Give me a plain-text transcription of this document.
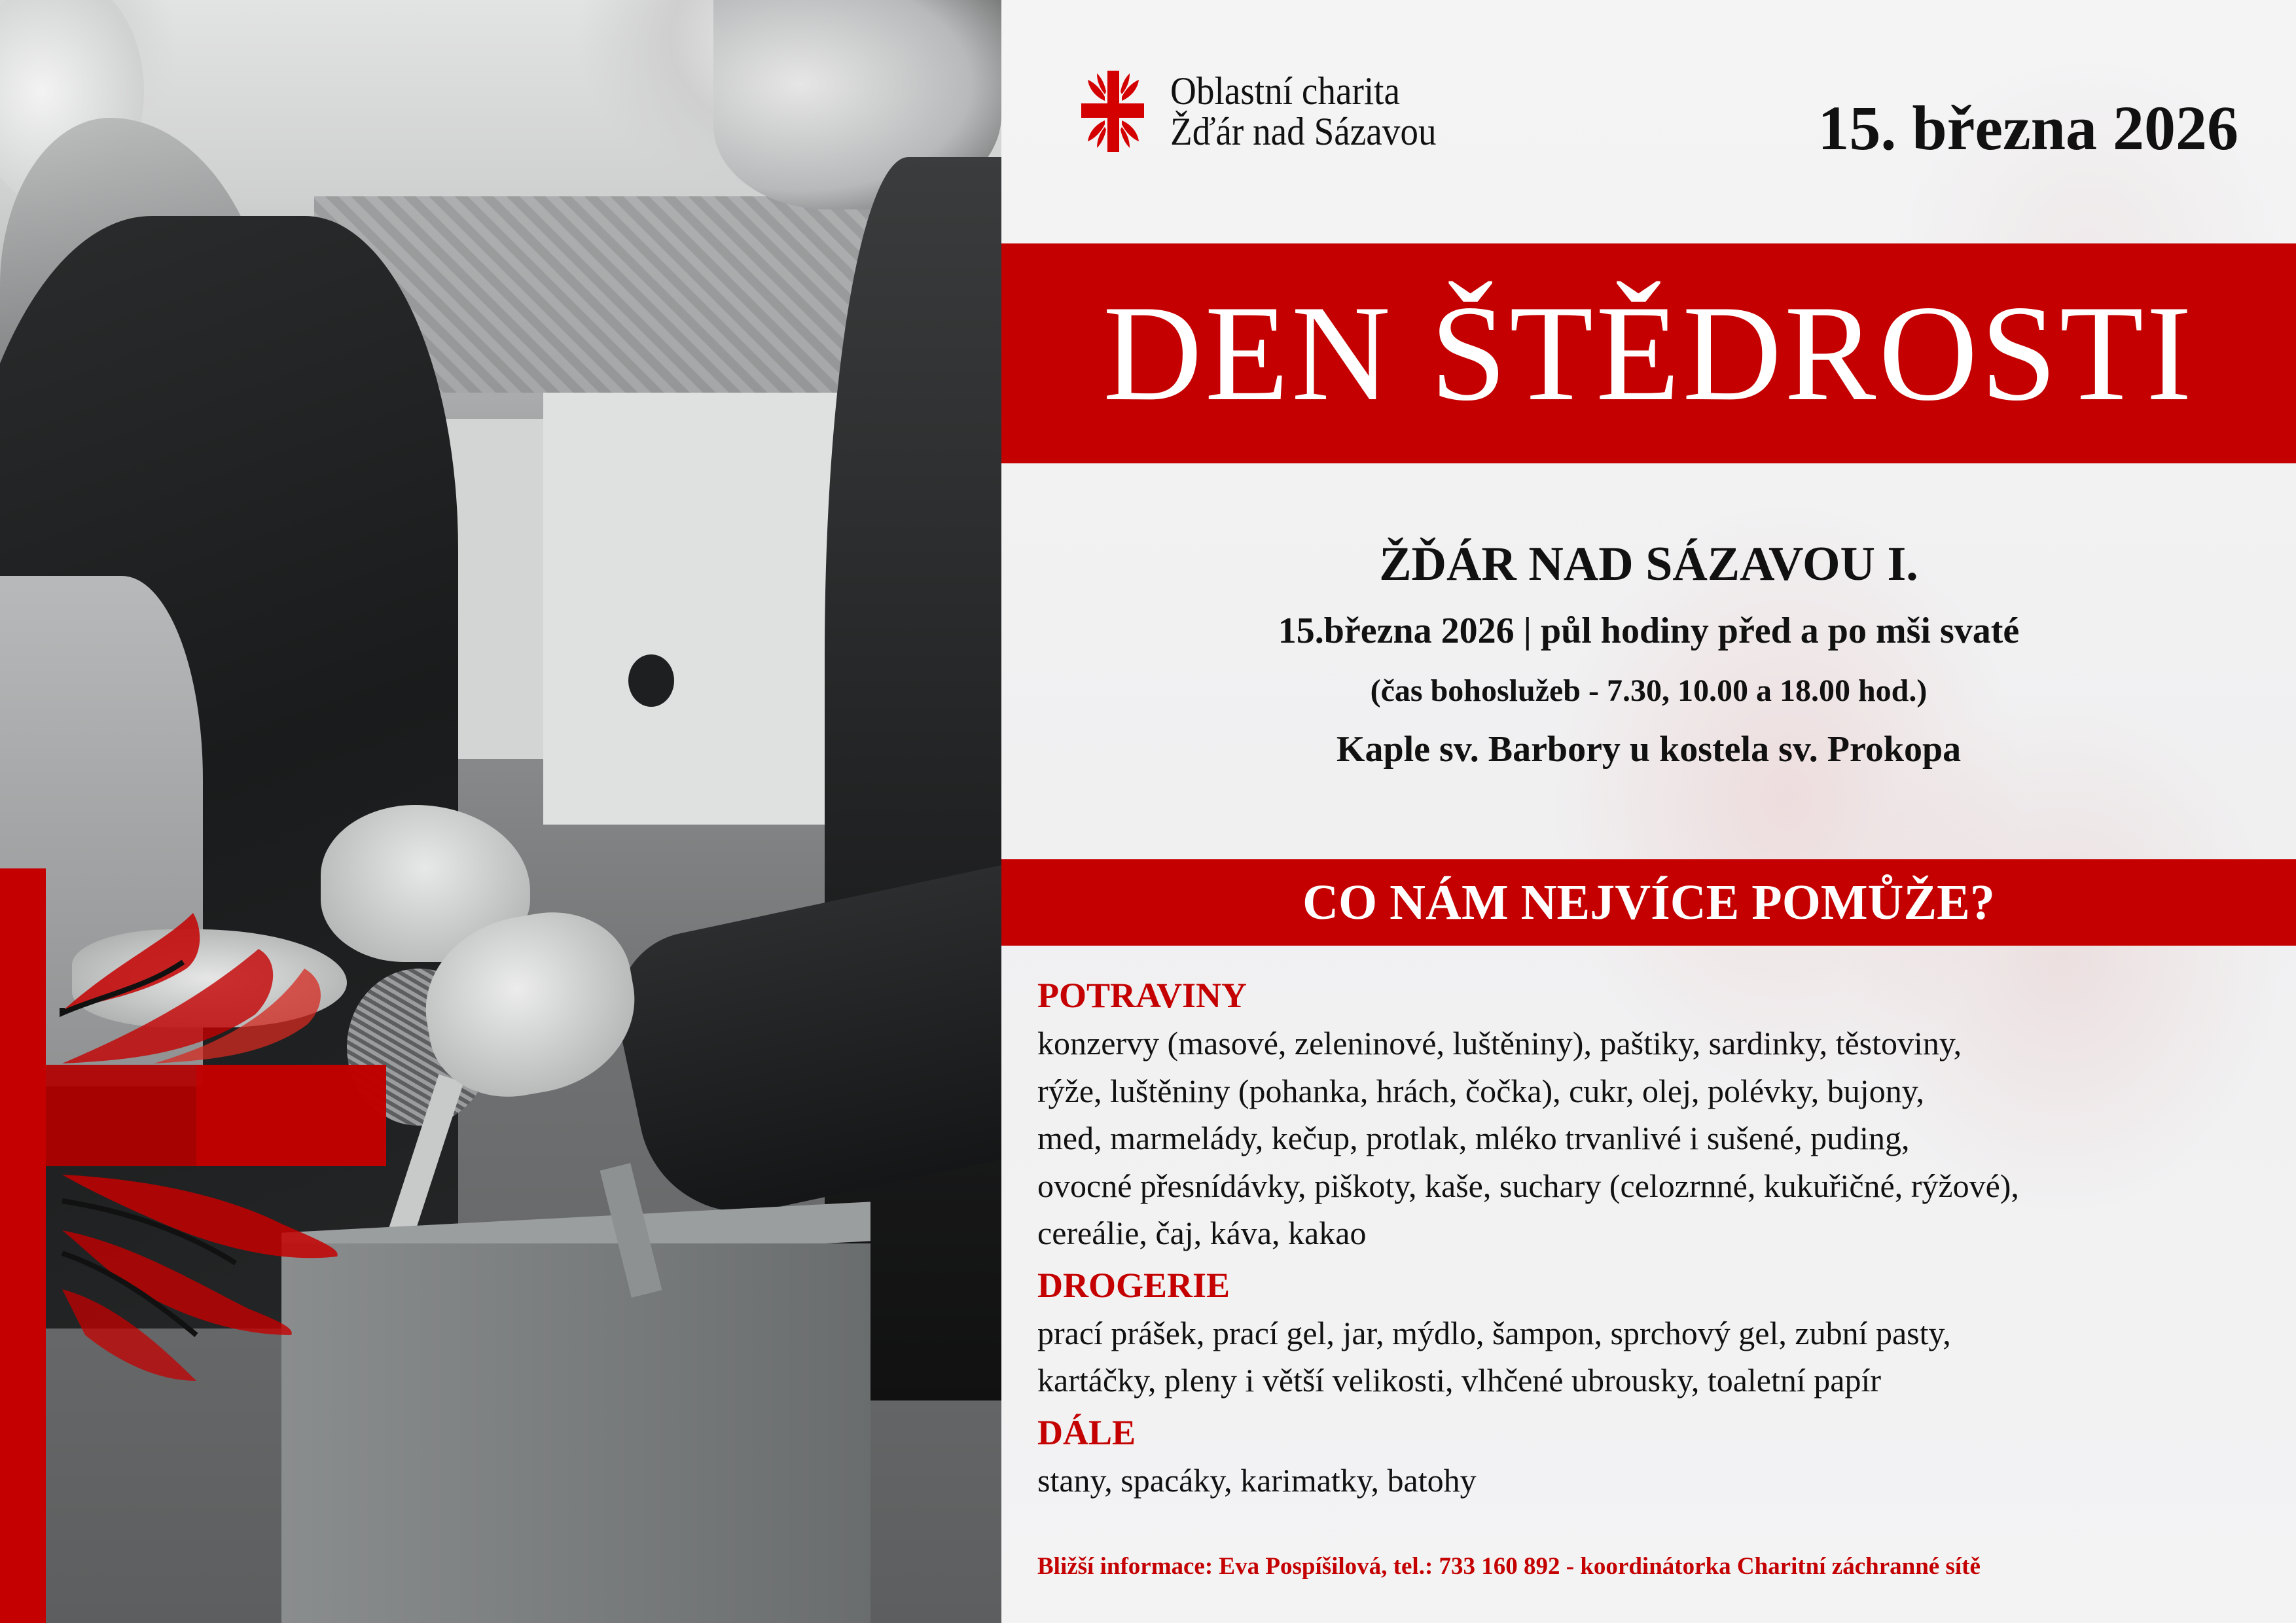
Oblastní charita
Žďár nad Sázavou	15. března 2026
DEN ŠTĚDROSTI
ŽĎÁR NAD SÁZAVOU I.
15.března 2026 | půl hodiny před a po mši svaté
(čas bohoslužeb - 7.30, 10.00 a 18.00 hod.)
Kaple sv. Barbory u kostela sv. Prokopa
CO NÁM NEJVÍCE POMŮŽE?
POTRAVINY
konzervy (masové, zeleninové, luštěniny), paštiky, sardinky, těstoviny,
rýže, luštěniny (pohanka, hrách, čočka), cukr, olej, polévky, bujony,
med, marmelády, kečup, protlak, mléko trvanlivé i sušené, puding,
ovocné přesnídávky, piškoty, kaše, suchary (celozrnné, kukuřičné, rýžové),
cereálie, čaj, káva, kakao
DROGERIE
prací prášek, prací gel, jar, mýdlo, šampon, sprchový gel, zubní pasty,
kartáčky, pleny i větší velikosti, vlhčené ubrousky, toaletní papír
DÁLE
stany, spacáky, karimatky, batohy
Bližší informace: Eva Pospíšilová, tel.: 733 160 892 - koordinátorka Charitní záchranné sítě
